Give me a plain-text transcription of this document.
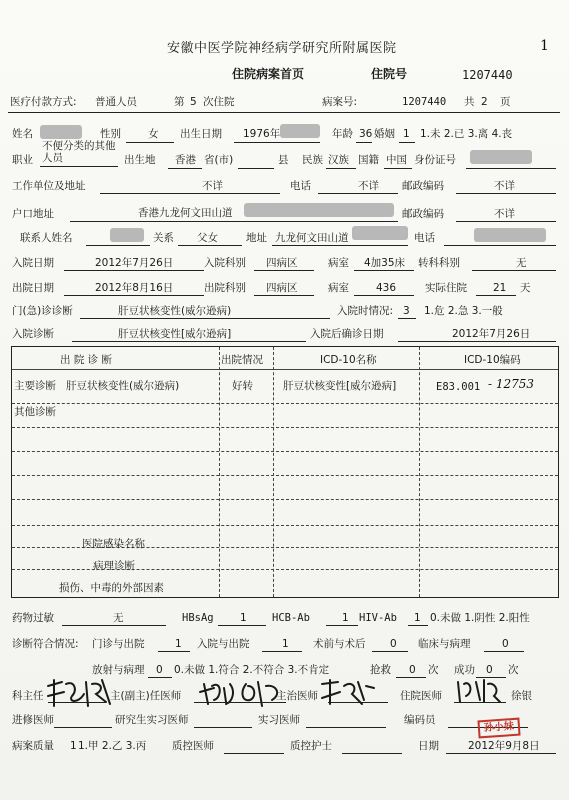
1
安徽中医学院神经病学研究所附属医院
住院病案首页	住院号	1207440
医疗付款方式: 普通人员	第 5 次住院	病案号:	1207440 共 2 页
姓名	性别	女 出生日期 1976年	年龄 36 婚姻 1 1.未 2.已 3.离 4.丧
不便分类的其他
职业 人员	出生地 香港 省(市)	县 民族 汉族 国籍 中国 身份证号
工作单位及地址	不详	电话	不详 邮政编码	不详
户口地址	香港九龙何文田山道	邮政编码	不详
联系人姓名	关系 父女	地址 九龙何文田山道	电话
入院日期	2012年7月26日	入院科别 四病区	病室 4加35床 转科科别	无
出院日期	2012年8月16日	出院科别 四病区	病室	436	实际住院 21 天
门(急)诊诊断	肝豆状核变性(威尔逊病)	入院时情况: 3 1.危 2.急 3.一般
入院诊断	肝豆状核变性[威尔逊病]	入院后确诊日期	2012年7月26日
出 院 诊 断	出院情况	ICD-10名称	ICD-10编码
主要诊断 肝豆状核变性(威尔逊病)	好转	肝豆状核变性[威尔逊病]	E83.001 - 12753
其他诊断
医院感染名称
病理诊断
损伤、中毒的外部因素
药物过敏	无	HBsAg	1 HCB-Ab	1 HIV-Ab 1 0.未做 1.阴性 2.阳性
诊断符合情况: 门诊与出院	1 入院与出院	1 术前与术后 0 临床与病理	0
放射与病理 0 0.未做 1.符合 2.不符合 3.不肯定	抢救 0 次 成功 0 次
科主任	主(副主)任医师	主治医师	住院医师	徐银
进修医师	研究生实习医师	实习医师	编码员
孙小妹
病案质量 1 1.甲 2.乙 3.丙 质控医师	质控护士	日期	2012年9月8日
